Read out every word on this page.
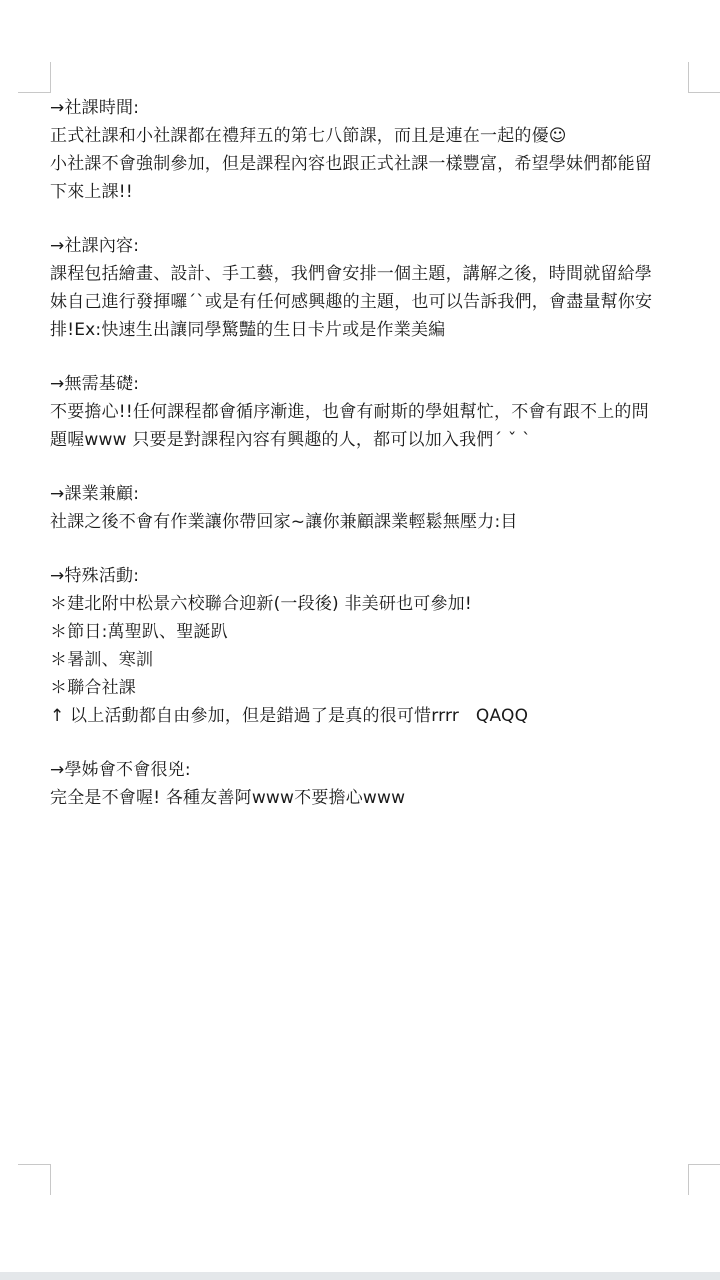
→社課時間:
正式社課和小社課都在禮拜五的第七八節課，而且是連在一起的優☺
小社課不會強制參加，但是課程內容也跟正式社課一樣豐富，希望學妹們都能留
下來上課!!
→社課內容:
課程包括繪畫、設計、手工藝，我們會安排一個主題，講解之後，時間就留給學
妹自己進行發揮囉ˊˋ或是有任何感興趣的主題，也可以告訴我們，會盡量幫你安
排!Ex:快速生出讓同學驚豔的生日卡片或是作業美編
→無需基礎:
不要擔心!!任何課程都會循序漸進，也會有耐斯的學姐幫忙，不會有跟不上的問
題喔www 只要是對課程內容有興趣的人，都可以加入我們ˊ ˇ ˋ
→課業兼顧:
社課之後不會有作業讓你帶回家~讓你兼顧課業輕鬆無壓力:目
→特殊活動:
＊建北附中松景六校聯合迎新(一段後) 非美研也可參加!
＊節日:萬聖趴、聖誕趴
＊暑訓、寒訓
＊聯合社課
↑ 以上活動都自由參加，但是錯過了是真的很可惜rrrr   QAQQ
→學姊會不會很兇:
完全是不會喔! 各種友善阿www不要擔心www
